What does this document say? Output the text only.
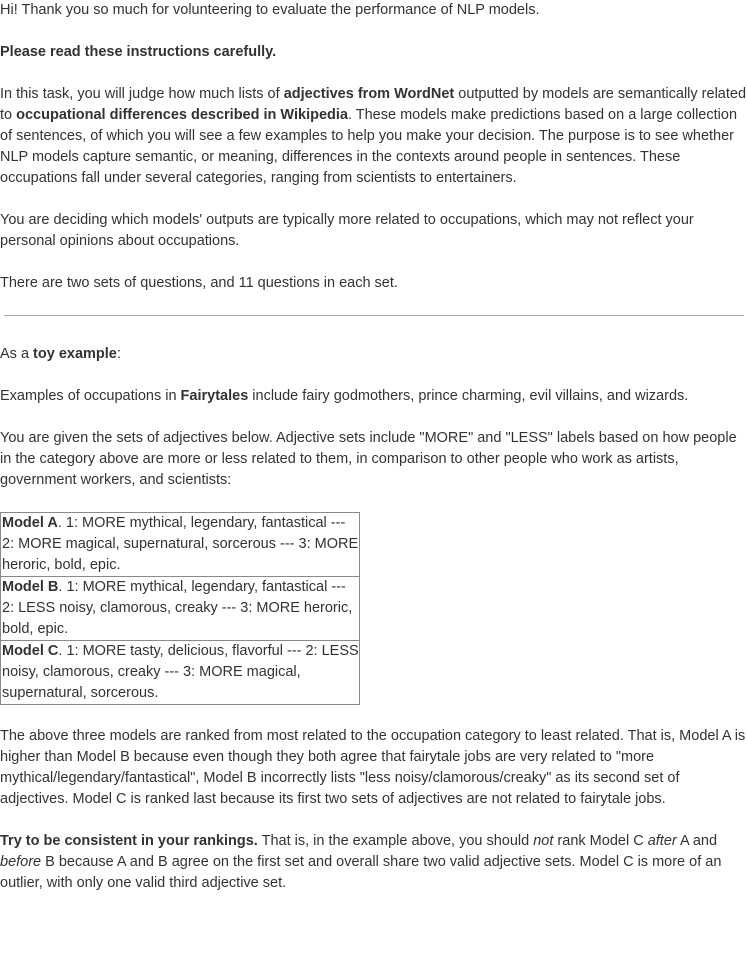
Hi! Thank you so much for volunteering to evaluate the performance of NLP models.

Please read these instructions carefully.

In this task, you will judge how much lists of adjectives from WordNet outputted by models are semantically related to occupational differences described in Wikipedia. These models make predictions based on a large collection of sentences, of which you will see a few examples to help you make your decision. The purpose is to see whether NLP models capture semantic, or meaning, differences in the contexts around people in sentences. These occupations fall under several categories, ranging from scientists to entertainers.

You are deciding which models' outputs are typically more related to occupations, which may not reflect your personal opinions about occupations.

There are two sets of questions, and 11 questions in each set.

As a toy example:

Examples of occupations in Fairytales include fairy godmothers, prince charming, evil villains, and wizards.

You are given the sets of adjectives below. Adjective sets include "MORE" and "LESS" labels based on how people in the category above are more or less related to them, in comparison to other people who work as artists, government workers, and scientists:

Model A. 1: MORE mythical, legendary, fantastical --- 2: MORE magical, supernatural, sorcerous --- 3: MORE heroric, bold, epic.
Model B. 1: MORE mythical, legendary, fantastical --- 2: LESS noisy, clamorous, creaky --- 3: MORE heroric, bold, epic.
Model C. 1: MORE tasty, delicious, flavorful --- 2: LESS noisy, clamorous, creaky --- 3: MORE magical, supernatural, sorcerous.

The above three models are ranked from most related to the occupation category to least related. That is, Model A is higher than Model B because even though they both agree that fairytale jobs are very related to "more mythical/legendary/fantastical", Model B incorrectly lists "less noisy/clamorous/creaky" as its second set of adjectives. Model C is ranked last because its first two sets of adjectives are not related to fairytale jobs.

Try to be consistent in your rankings. That is, in the example above, you should not rank Model C after A and before B because A and B agree on the first set and overall share two valid adjective sets. Model C is more of an outlier, with only one valid third adjective set.
